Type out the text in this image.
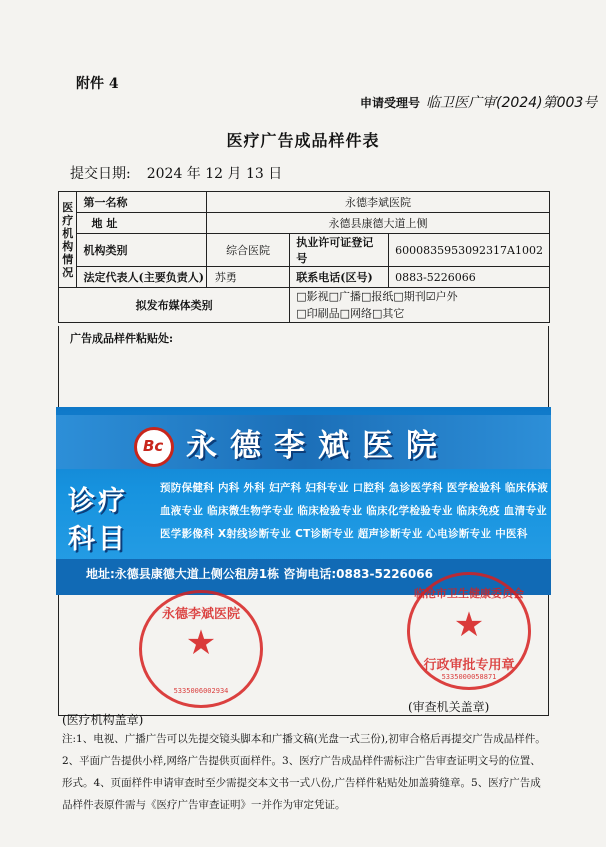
附件 4
申请受理号 临卫医广审(2024)第003号
医疗广告成品样件表
提交日期: 2024 年 12 月 13 日
医疗机构情况	第一名称	永德李斌医院		
	地 址	永德县康德大道上侧		
	机构类别	综合医院	执业许可证登记号	6000835953092317A1002
	法定代表人(主要负责人)	苏勇	联系电话(区号)	0883-5226066
拟发布媒体类别			□影视□广播□报纸□期刊☑户外
□印刷品□网络□其它	
广告成品样件粘贴处:
Bc 永德李斌医院
诊疗
科目
预防保健科 内科 外科 妇产科 妇科专业 口腔科 急诊医学科 医学检验科 临床体液
血液专业 临床微生物学专业 临床检验专业 临床化学检验专业 临床免疫 血清专业
医学影像科 X射线诊断专业 CT诊断专业 超声诊断专业 心电诊断专业 中医科
地址:永德县康德大道上侧公租房1栋 咨询电话:0883-5226066
永德李斌医院
★
5335006002934
临沧市卫生健康委员会
★
行政审批专用章
5335000058871
(审查机关盖章)
(医疗机构盖章)
注:1、电视、广播广告可以先提交镜头脚本和广播文稿(光盘一式三份),初审合格后再提交广告成品样件。2、平面广告提供小样,网络广告提供页面样件。3、医疗广告成品样件需标注广告审查证明文号的位置、形式。4、页面样件申请审查时至少需提交本文书一式八份,广告样件粘贴处加盖骑缝章。5、医疗广告成品样件表原件需与《医疗广告审查证明》一并作为审定凭证。
